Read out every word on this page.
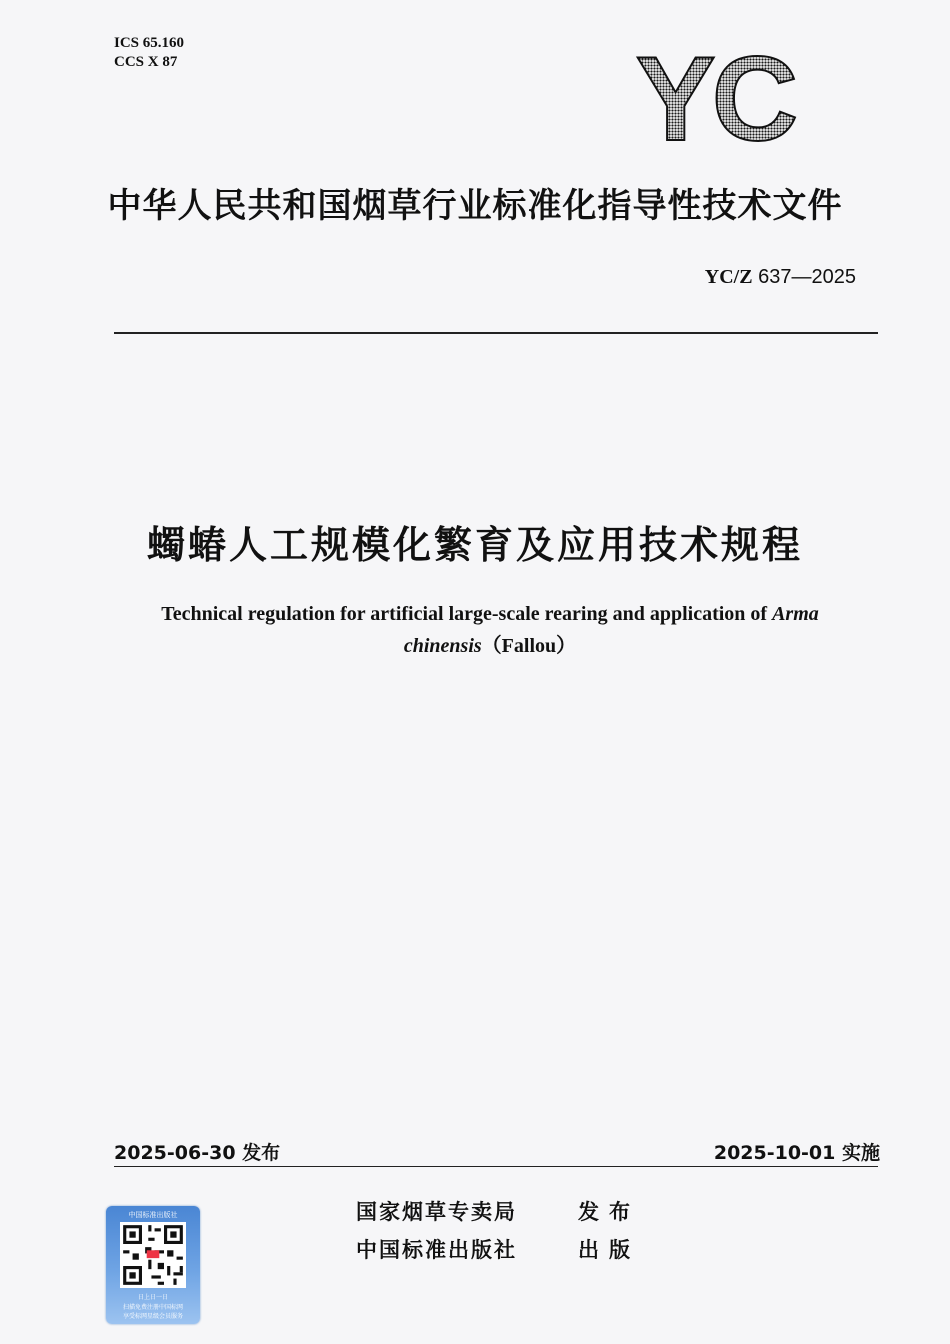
ICS 65.160
CCS X 87	YC
中华人民共和国烟草行业标准化指导性技术文件
YC/Z 637—2025
蠋蝽人工规模化繁育及应用技术规程
Technical regulation for artificial large-scale rearing and application of Arma
chinensis（Fallou）
2025-06-30 发布	2025-10-01 实施
国家烟草专卖局	发布
中国标准出版社	出版
中国标准出版社
日上日一日
扫描免费注册中国标网
享受标网星级会员服务
